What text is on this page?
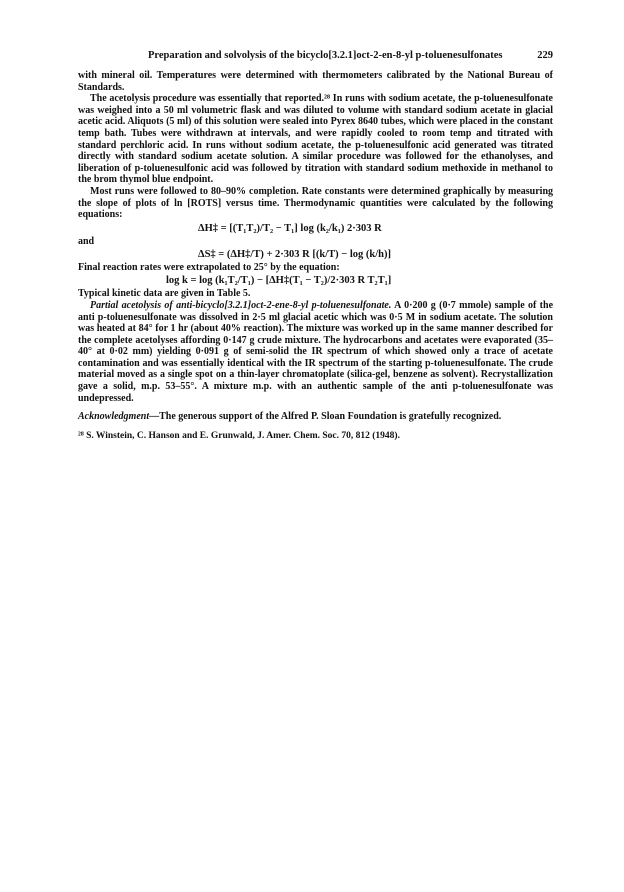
Preparation and solvolysis of the bicyclo[3.2.1]oct-2-en-8-yl p-toluenesulfonates	229

with mineral oil. Temperatures were determined with thermometers calibrated by the National Bureau of Standards.

The acetolysis procedure was essentially that reported.²⁸ In runs with sodium acetate, the p-toluenesulfonate was weighed into a 50 ml volumetric flask and was diluted to volume with standard sodium acetate in glacial acetic acid. Aliquots (5 ml) of this solution were sealed into Pyrex 8640 tubes, which were placed in the constant temp bath. Tubes were withdrawn at intervals, and were rapidly cooled to room temp and titrated with standard perchloric acid. In runs without sodium acetate, the p-toluenesulfonic acid generated was titrated directly with standard sodium acetate solution. A similar procedure was followed for the ethanolyses, and liberation of p-toluenesulfonic acid was followed by titration with standard sodium methoxide in methanol to the brom thymol blue endpoint.

Most runs were followed to 80–90% completion. Rate constants were determined graphically by measuring the slope of plots of ln [ROTS] versus time. Thermodynamic quantities were calculated by the following equations:

ΔH‡ = [(T₁T₂)/T₂ − T₁] log (k₂/k₁) 2·303 R
and
ΔS‡ = (ΔH‡/T) + 2·303 R [(k/T) − log (k/h)]

Final reaction rates were extrapolated to 25° by the equation:

log k = log (k₁T₂/T₁) − [ΔH‡(T₁ − T₂)/2·303 R T₂T₁]

Typical kinetic data are given in Table 5.

Partial acetolysis of anti-bicyclo[3.2.1]oct-2-ene-8-yl p-toluenesulfonate. A 0·200 g (0·7 mmole) sample of the anti p-toluenesulfonate was dissolved in 2·5 ml glacial acetic which was 0·5 M in sodium acetate. The solution was heated at 84° for 1 hr (about 40% reaction). The mixture was worked up in the same manner described for the complete acetolyses affording 0·147 g crude mixture. The hydrocarbons and acetates were evaporated (35–40° at 0·02 mm) yielding 0·091 g of semi-solid the IR spectrum of which showed only a trace of acetate contamination and was essentially identical with the IR spectrum of the starting p-toluenesulfonate. The crude material moved as a single spot on a thin-layer chromatoplate (silica-gel, benzene as solvent). Recrystallization gave a solid, m.p. 53–55°. A mixture m.p. with an authentic sample of the anti p-toluenesulfonate was undepressed.

Acknowledgment—The generous support of the Alfred P. Sloan Foundation is gratefully recognized.

²⁸ S. Winstein, C. Hanson and E. Grunwald, J. Amer. Chem. Soc. 70, 812 (1948).
